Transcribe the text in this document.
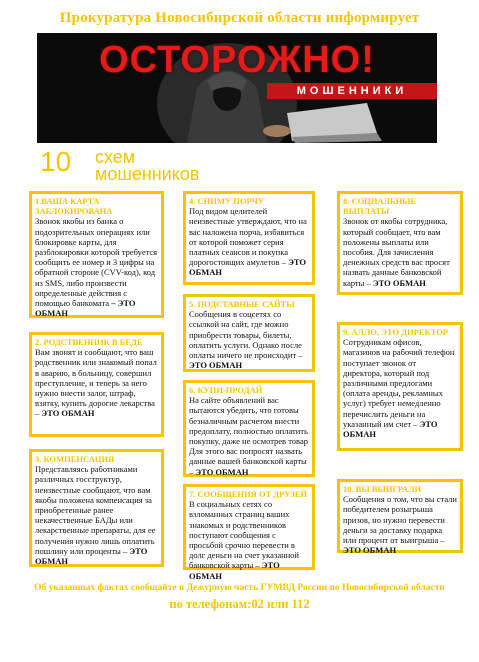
Прокуратура Новосибирской области информирует
ОСТОРОЖНО!
МОШЕННИКИ
10 схем
мошенников
1.ВАША КАРТА ЗАБЛОКИРОВАНА
Звонок якобы из банка о подозрительных операциях или блокировке карты, для разблокировки которой требуется сообщить ее номер и 3 цифры на обратной стороне (CVV-код), код из SMS, либо произвести определенные действия с помощью банкомата – ЭТО ОБМАН
2. РОДСТВЕННИК В БЕДЕ
Вам звонят и сообщают, что ваш родственник или знакомый попал в аварию, в больницу, совершил преступление, и теперь за него нужно внести залог, штраф, взятку, купить дорогие лекарства – ЭТО ОБМАН
3. КОМПЕНСАЦИЯ
Представляясь работниками различных госструктур, неизвестные сообщают, что вам якобы положена компенсация за приобретенные ранее некачественные БАДы или лекарственные препараты, для ее получения нужно лишь оплатить пошлину или проценты – ЭТО ОБМАН
4. СНИМУ ПОРЧУ
Под видом целителей неизвестные утверждают, что на вас наложена порча, избавиться от которой поможет серия платных сеансов и покупка дорогостоящих амулетов – ЭТО ОБМАН
5. ПОДСТАВНЫЕ САЙТЫ
Сообщения в соцсетях со ссылкой на сайт, где можно приобрести товары, билеты, оплатить услуги. Однако после оплаты ничего не происходит – ЭТО ОБМАН
6. КУПИ-ПРОДАЙ
На сайте объявлений вас пытаются убедить, что готовы безналичным расчетом внести предоплату, полностью оплатить покупку, даже не осмотрев товар Для этого вас попросят назвать данные вашей банковской карты – ЭТО ОБМАН
7. СООБЩЕНИЯ ОТ ДРУЗЕЙ
В социальных сетях со взломанных страниц ваших знакомых и родственников поступают сообщения с просьбой срочно перевести в долг деньги на счет указанной банковской карты – ЭТО ОБМАН
8. СОЦИАЛЬНЫЕ ВЫПЛАТЫ
Звонок от якобы сотрудника, который сообщает, что вам положены выплаты или пособия. Для зачисления денежных средств вас просят назвать данные банковской карты – ЭТО ОБМАН
9. АЛЛО, ЭТО ДИРЕКТОР
Сотрудникам офисов, магазинов на рабочий телефон поступает звонок от директора, который под различными предлогами (оплата аренды, рекламных услуг) требует немедленно перечислить деньги на указанный им счет – ЭТО ОБМАН
10. ВЫ ВЫИГРАЛИ
Сообщения о том, что вы стали победителем розыгрыша призов, но нужно перевести деньги за доставку подарка или процент от выигрыша – ЭТО ОБМАН
Об указанных фактах сообщайте в Дежурную часть ГУМВД России по Новосибирской области
по телефонам:02 или 112
